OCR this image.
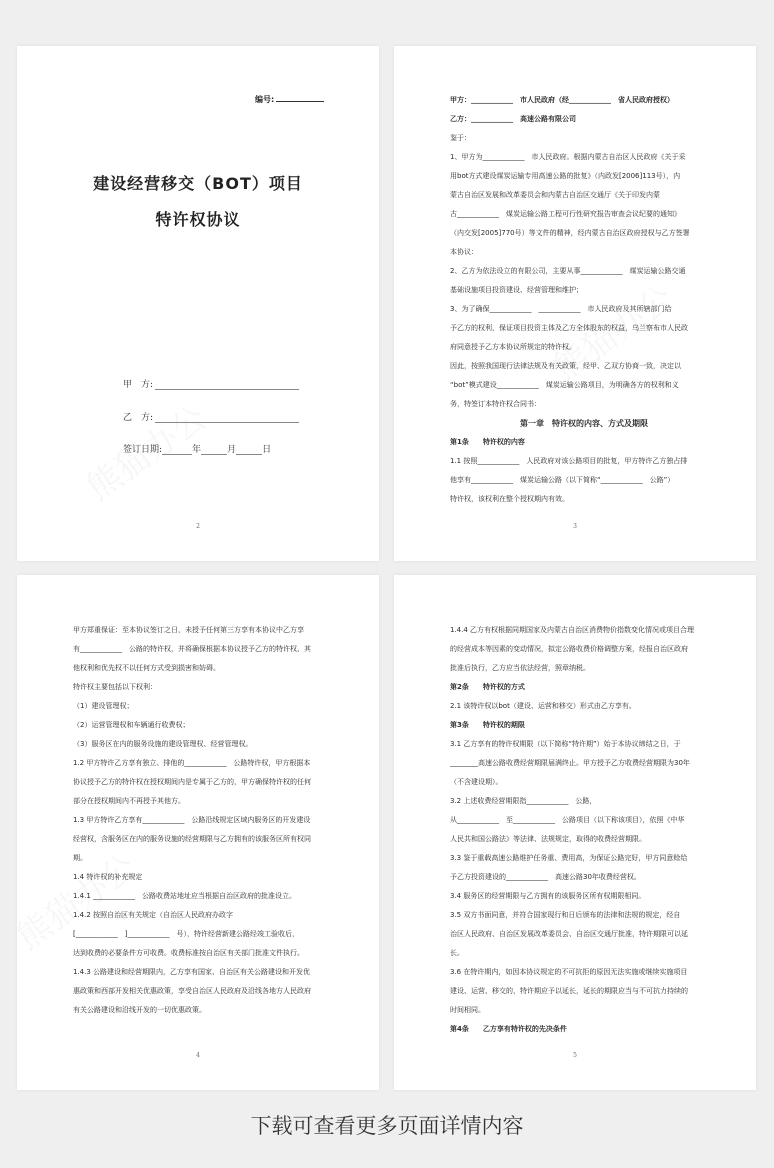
编号:
建设经营移交（BOT）项目
特许权协议
甲　方:
乙　方:
签订日期:	年	月	日
2

甲方：____________　市人民政府（经____________　省人民政府授权）

乙方：____________　高速公路有限公司

鉴于：

1、甲方为____________　市人民政府。根据内蒙古自治区人民政府《关于采

用bot方式建设煤炭运输专用高速公路的批复》（内政发[2006]113号），内

蒙古自治区发展和改革委员会和内蒙古自治区交通厅《关于印发内蒙

古____________　煤炭运输公路工程可行性研究报告审查会议纪要的通知》

（内交发[2005]770号）等文件的精神，经内蒙古自治区政府授权与乙方签署

本协议：

2、乙方为依法设立的有限公司，主要从事____________　煤炭运输公路交通

基础设施项目投资建设、经营管理和维护；

3、为了确保____________　____________　市人民政府及其所辖部门给

予乙方的权利，保证项目投资主体及乙方全体股东的权益，乌兰察布市人民政

府同意授予乙方本协议所规定的特许权。

因此，按照我国现行法律法规及有关政策，经甲、乙双方协商一致，决定以

“bot”模式建设____________　煤炭运输公路项目，为明确各方的权利和义

务，特签订本特许权合同书：

第一章　特许权的内容、方式及期限

第1条　　特许权的内容

1.1 按照____________　人民政府对该公路项目的批复，甲方特许乙方独占排

他享有____________　煤炭运输公路（以下简称“____________　公路”）

特许权，该权利在整个授权期内有效。

3

甲方郑重保证：至本协议签订之日，未授予任何第三方享有本协议中乙方享

有____________　公路的特许权，并将确保根据本协议授予乙方的特许权、其

他权利和优先权不以任何方式受到损害和妨碍。

特许权主要包括以下权利：

（1）建设管理权；

（2）运营管理权和车辆通行收费权；

（3）服务区在内的服务设施的建设管理权、经营管理权。

1.2 甲方特许乙方享有独立、排他的____________　公路特许权，甲方根据本

协议授予乙方的特许权在授权期间内是专属于乙方的，甲方确保特许权的任何

部分在授权期间内不再授予其他方。

1.3 甲方特许乙方享有____________　公路沿线规定区域内服务区的开发建设

经营权，含服务区在内的服务设施的经营期限与乙方拥有的该服务区所有权同

期。

1.4 特许权的补充规定

1.4.1 ____________　公路收费站地址应当根据自治区政府的批准设立。

1.4.2 按照自治区有关规定（自治区人民政府办政字

[____________　]____________　号），特许经营新建公路经竣工验收后，

达到收费的必要条件方可收费。收费标准按自治区有关部门批准文件执行。

1.4.3 公路建设和经营期限内，乙方享有国家、自治区有关公路建设和开发优

惠政策和西部开发相关优惠政策，享受自治区人民政府及沿线各地方人民政府

有关公路建设和沿线开发的一切优惠政策。

4

1.4.4 乙方有权根据同期国家及内蒙古自治区消费物价指数变化情况或项目合理

的经营成本等因素的变动情况，拟定公路收费价格调整方案，经报自治区政府

批准后执行，乙方应当依法经营，照章纳税。

第2条　　特许权的方式

2.1 该特许权以bot（建设、运营和移交）形式由乙方享有。

第3条　　特许权的期限

3.1 乙方享有的特许权期限（以下简称“特许期”）始于本协议缔结之日，于

________高速公路收费经营期限届满终止。甲方授予乙方收费经营期限为30年

（不含建设期）。

3.2 上述收费经营期限指____________　公路，

从____________　至____________　公路项目（以下称该项目），依照《中华

人民共和国公路法》等法律、法规规定，取得的收费经营期限。

3.3 鉴于重载高速公路维护任务重、费用高，为保证公路完好，甲方同意赊给

予乙方投资建设的____________　高速公路30年收费经营权。

3.4 服务区的经营期限与乙方拥有的该服务区所有权期限相同。

3.5 双方书面同意，并符合国家现行和日后颁布的法律和法规的规定，经自

治区人民政府、自治区发展改革委员会、自治区交通厅批准，特许期限可以延

长。

3.6 在特许期内，如因本协议规定的不可抗拒的原因无法实施或继续实施项目

建设、运营、移交的，特许期应予以延长，延长的期限应当与不可抗力持续的

时间相同。

第4条　　乙方享有特许权的先决条件

5
下载可查看更多页面详情内容
